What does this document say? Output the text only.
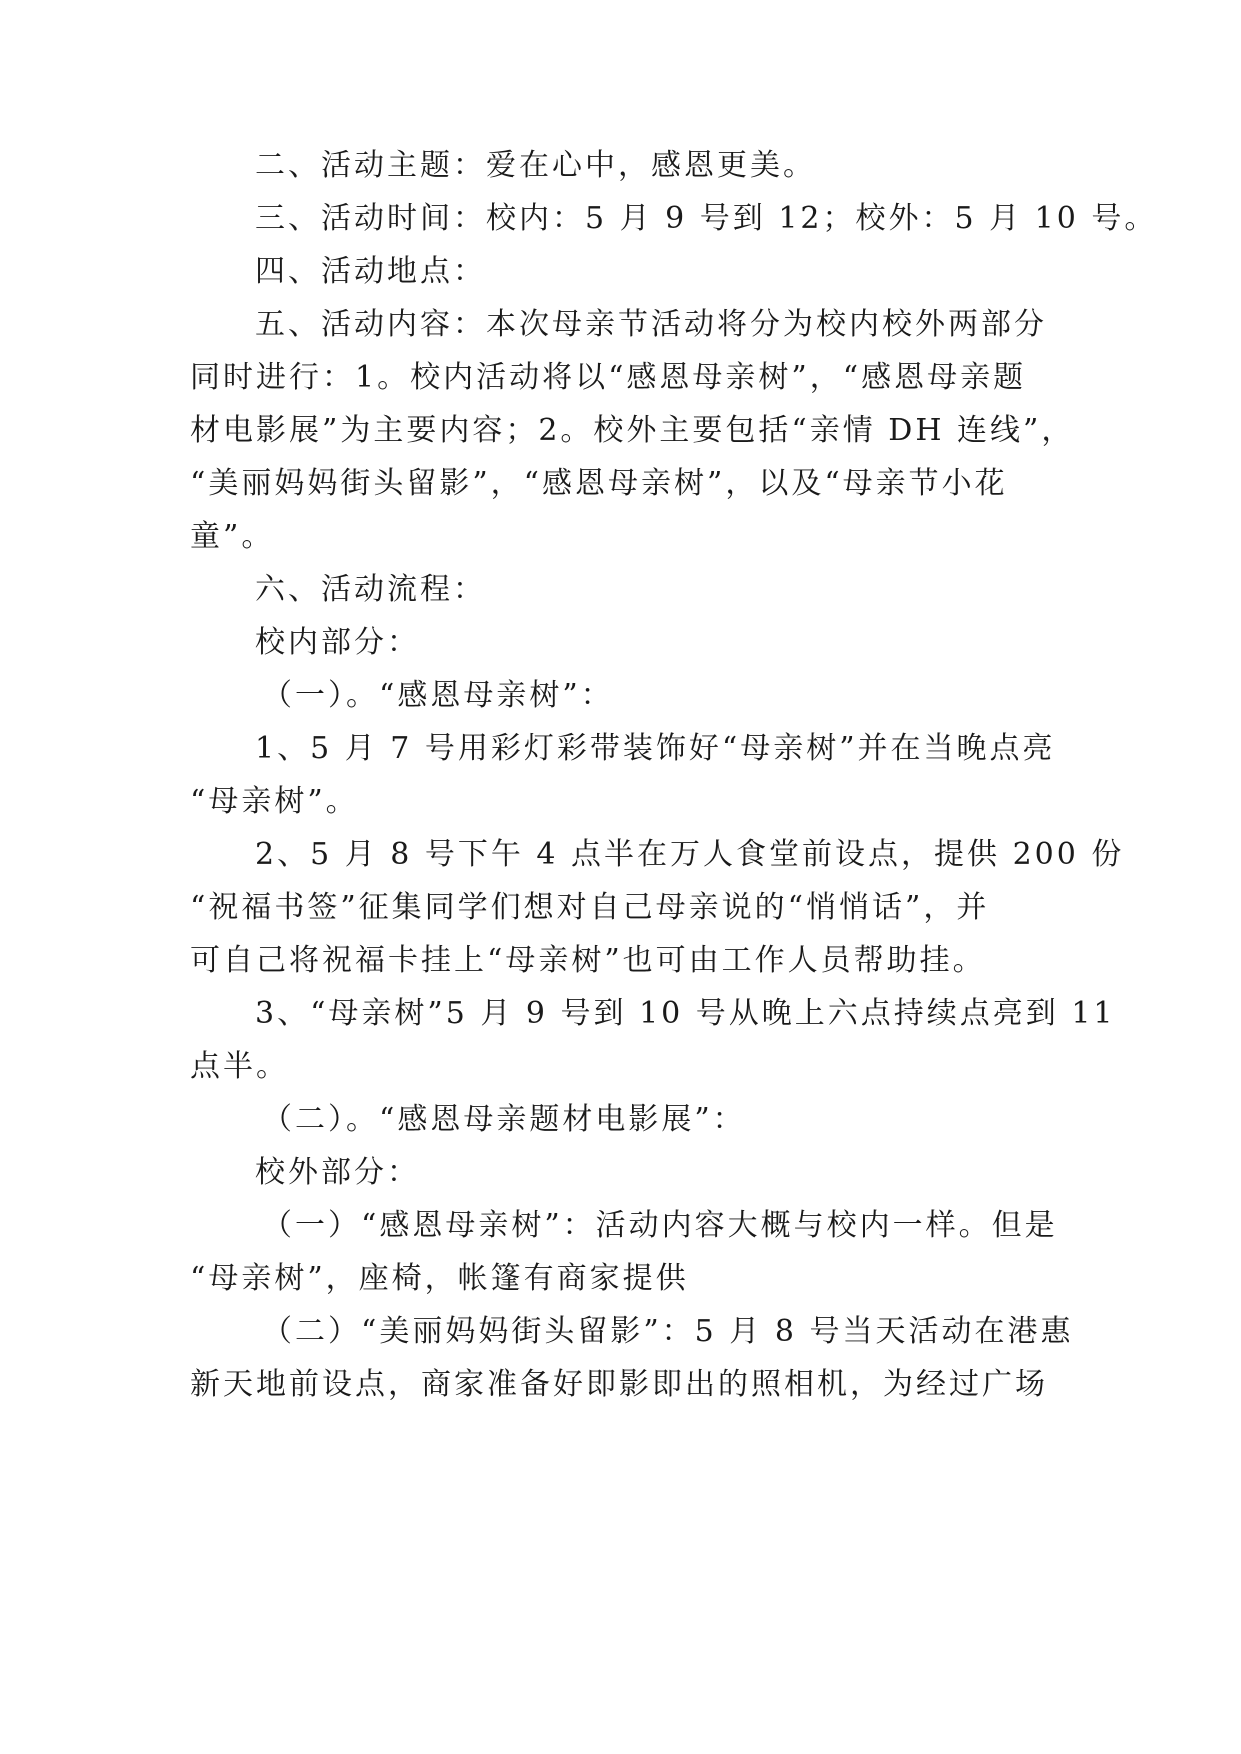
二、活动主题：爱在心中，感恩更美。
三、活动时间：校内：5 月 9 号到 12；校外：5 月 10 号。
四、活动地点：
五、活动内容：本次母亲节活动将分为校内校外两部分
同时进行：1。校内活动将以“感恩母亲树”，“感恩母亲题
材电影展”为主要内容；2。校外主要包括“亲情 DH 连线”，
“美丽妈妈街头留影”，“感恩母亲树”，以及“母亲节小花
童”。
六、活动流程：
校内部分：
（一）。“感恩母亲树”：
1、5 月 7 号用彩灯彩带装饰好“母亲树”并在当晚点亮
“母亲树”。
2、5 月 8 号下午 4 点半在万人食堂前设点，提供 200 份
“祝福书签”征集同学们想对自己母亲说的“悄悄话”，并
可自己将祝福卡挂上“母亲树”也可由工作人员帮助挂。
3、“母亲树”5 月 9 号到 10 号从晚上六点持续点亮到 11
点半。
（二）。“感恩母亲题材电影展”：
校外部分：
（一）“感恩母亲树”：活动内容大概与校内一样。但是
“母亲树”，座椅，帐篷有商家提供
（二）“美丽妈妈街头留影”：5 月 8 号当天活动在港惠
新天地前设点，商家准备好即影即出的照相机，为经过广场
